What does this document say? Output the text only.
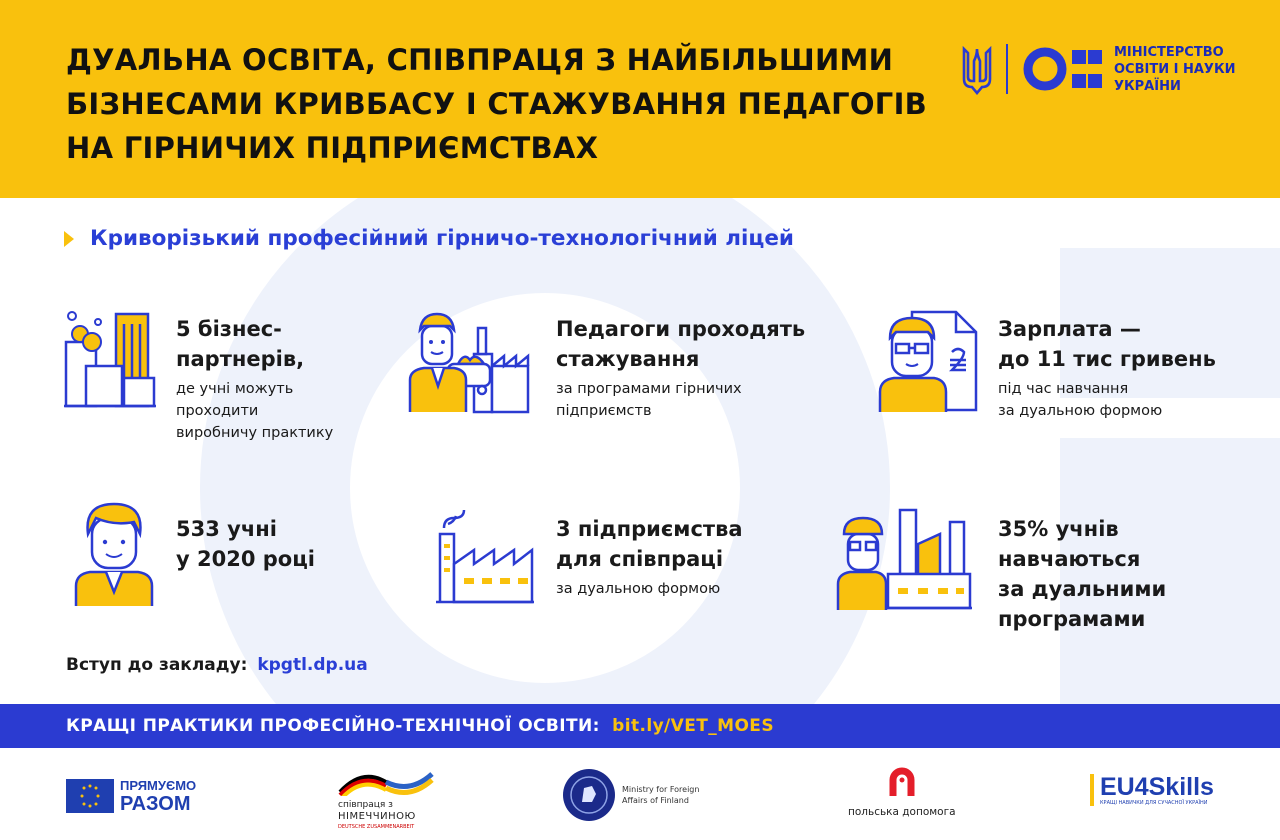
ДУАЛЬНА ОСВІТА, СПІВПРАЦЯ З НАЙБІЛЬШИМИ
БІЗНЕСАМИ КРИВБАСУ І СТАЖУВАННЯ ПЕДАГОГІВ
НА ГІРНИЧИХ ПІДПРИЄМСТВАХ
МІНІСТЕРСТВО
ОСВІТИ І НАУКИ
УКРАЇНИ
Криворізький професійний гірничо-технологічний ліцей
5 бізнес-
партнерів,
де учні можуть
проходити
виробничу практику
Педагоги проходять
стажування
за програмами гірничих
підприємств
Зарплата —
до 11 тис гривень
під час навчання
за дуальною формою
533 учні
у 2020 році
3 підприємства
для співпраці
за дуальною формою
35% учнів
навчаються
за дуальними
програмами
Вступ до закладу: kpgtl.dp.ua
КРАЩІ ПРАКТИКИ ПРОФЕСІЙНО-ТЕХНІЧНОЇ ОСВІТИ: bit.ly/VET_MOES
ПРЯМУЄМО
РАЗОМ	співпраця з
НІМЕЧЧИНОЮ
DEUTSCHE ZUSAMMENARBEIT
Ministry for Foreign
Affairs of Finland
польська допомога
EU4Skills
КРАЩІ НАВИЧКИ ДЛЯ СУЧАСНОЇ УКРАЇНИ
